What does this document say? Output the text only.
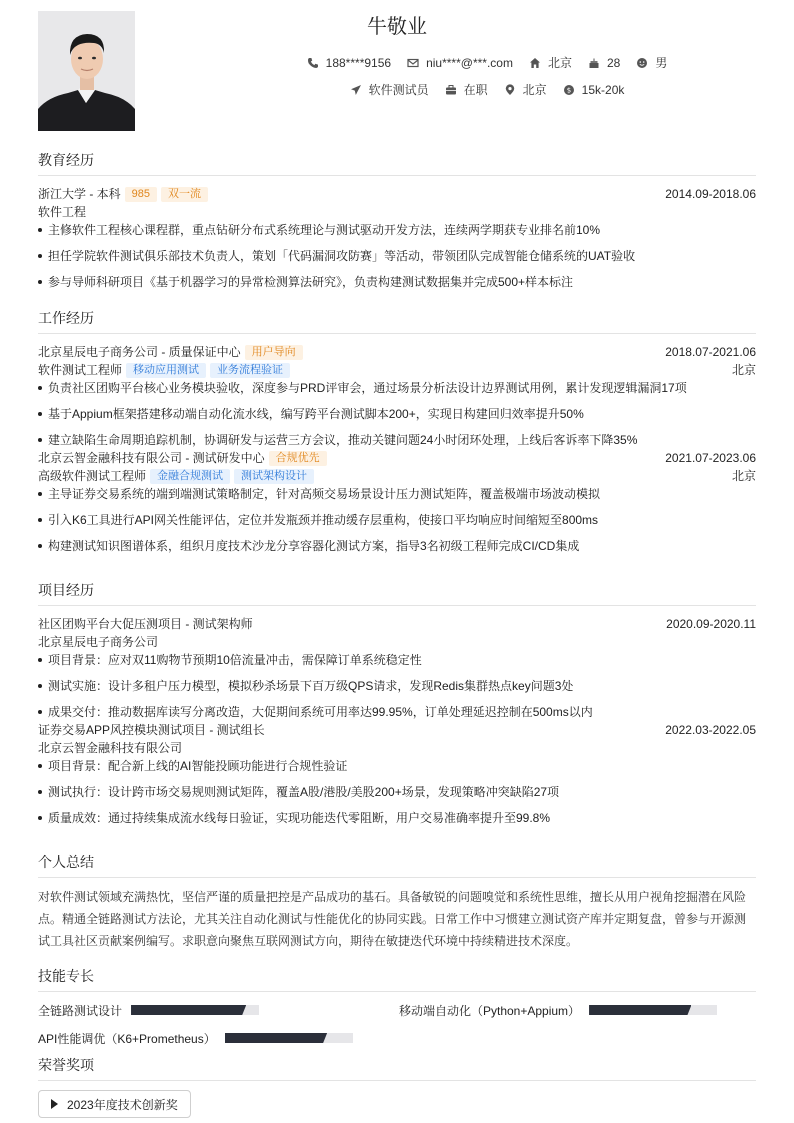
牛敬业
188****9156	niu****@***.com	北京	28	男
软件测试员	在职	北京	$ 15k-20k
教育经历
浙江大学 - 本科 985 双一流	2014.09-2018.06
软件工程
主修软件工程核心课程群，重点钻研分布式系统理论与测试驱动开发方法，连续两学期获专业排名前10%
担任学院软件测试俱乐部技术负责人，策划「代码漏洞攻防赛」等活动，带领团队完成智能仓储系统的UAT验收
参与导师科研项目《基于机器学习的异常检测算法研究》，负责构建测试数据集并完成500+样本标注
工作经历
北京星辰电子商务公司 - 质量保证中心 用户导向	2018.07-2021.06
软件测试工程师 移动应用测试 业务流程验证	北京
负责社区团购平台核心业务模块验收，深度参与PRD评审会，通过场景分析法设计边界测试用例，累计发现逻辑漏洞17项
基于Appium框架搭建移动端自动化流水线，编写跨平台测试脚本200+，实现日构建回归效率提升50%
建立缺陷生命周期追踪机制，协调研发与运营三方会议，推动关键问题24小时闭环处理，上线后客诉率下降35%
北京云智金融科技有限公司 - 测试研发中心 合规优先	2021.07-2023.06
高级软件测试工程师 金融合规测试 测试架构设计	北京
主导证券交易系统的端到端测试策略制定，针对高频交易场景设计压力测试矩阵，覆盖极端市场波动模拟
引入K6工具进行API网关性能评估，定位并发瓶颈并推动缓存层重构，使接口平均响应时间缩短至800ms
构建测试知识图谱体系，组织月度技术沙龙分享容器化测试方案，指导3名初级工程师完成CI/CD集成
项目经历
社区团购平台大促压测项目 - 测试架构师	2020.09-2020.11
北京星辰电子商务公司
项目背景：应对双11购物节预期10倍流量冲击，需保障订单系统稳定性
测试实施：设计多租户压力模型，模拟秒杀场景下百万级QPS请求，发现Redis集群热点key问题3处
成果交付：推动数据库读写分离改造，大促期间系统可用率达99.95%，订单处理延迟控制在500ms以内
证券交易APP风控模块测试项目 - 测试组长	2022.03-2022.05
北京云智金融科技有限公司
项目背景：配合新上线的AI智能投顾功能进行合规性验证
测试执行：设计跨市场交易规则测试矩阵，覆盖A股/港股/美股200+场景，发现策略冲突缺陷27项
质量成效：通过持续集成流水线每日验证，实现功能迭代零阻断，用户交易准确率提升至99.8%
个人总结
对软件测试领域充满热忱，坚信严谨的质量把控是产品成功的基石。具备敏锐的问题嗅觉和系统性思维，擅长从用户视角挖掘潜在风险点。精通全链路测试方法论，尤其关注自动化测试与性能优化的协同实践。日常工作中习惯建立测试资产库并定期复盘，曾参与开源测试工具社区贡献案例编写。求职意向聚焦互联网测试方向，期待在敏捷迭代环境中持续精进技术深度。
技能专长
全链路测试设计	移动端自动化（Python+Appium）
API性能调优（K6+Prometheus）
荣誉奖项
2023年度技术创新奖
